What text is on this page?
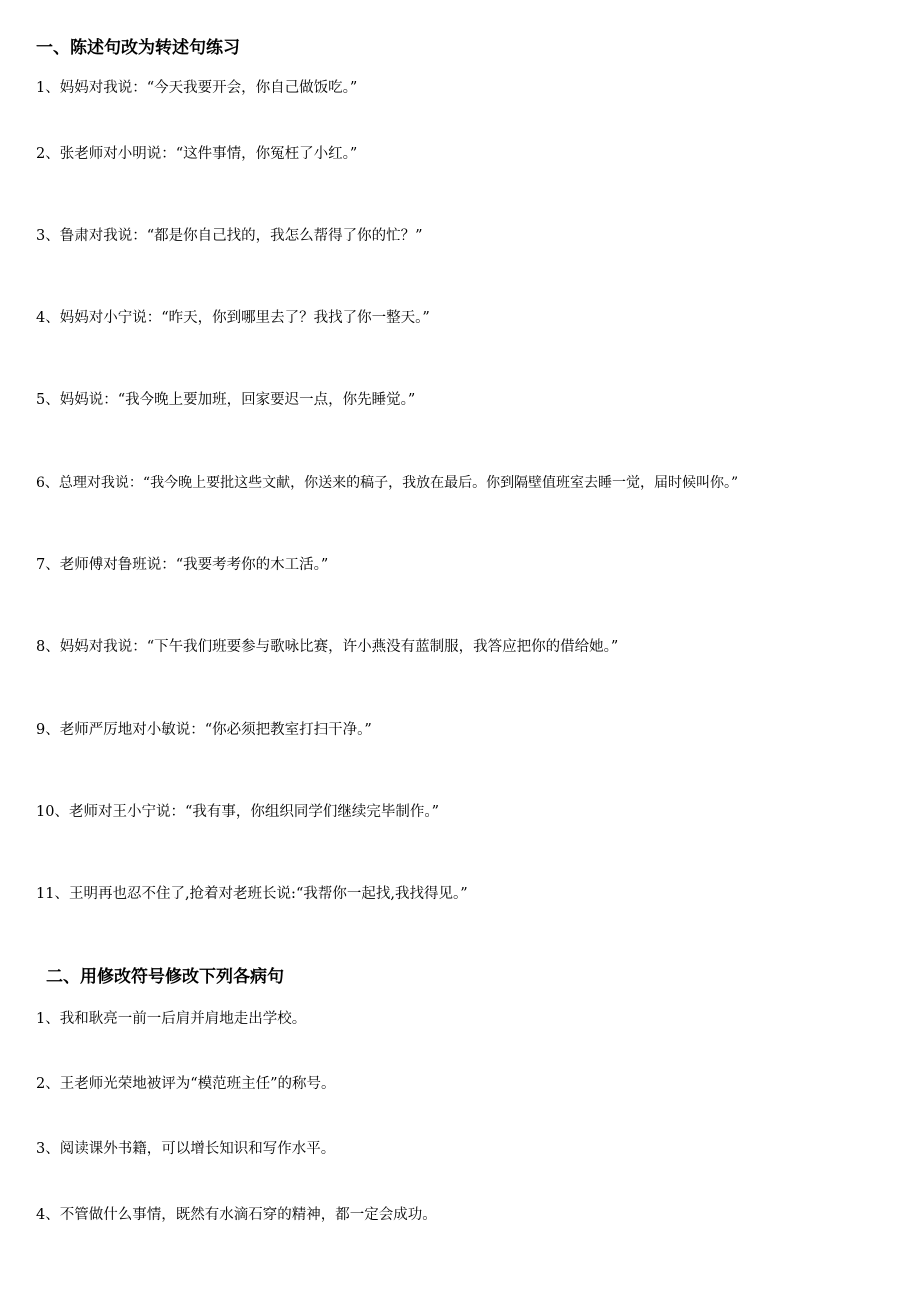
一、陈述句改为转述句练习
1、妈妈对我说：“今天我要开会，你自己做饭吃。”
2、张老师对小明说：“这件事情，你冤枉了小红。”
3、鲁肃对我说：“都是你自己找的，我怎么帮得了你的忙？”
4、妈妈对小宁说：“昨天，你到哪里去了？我找了你一整天。”
5、妈妈说：“我今晚上要加班，回家要迟一点，你先睡觉。”
6、总理对我说：“我今晚上要批这些文献，你送来的稿子，我放在最后。你到隔壁值班室去睡一觉，届时候叫你。”
7、老师傅对鲁班说：“我要考考你的木工活。”
8、妈妈对我说：“下午我们班要参与歌咏比赛，许小燕没有蓝制服，我答应把你的借给她。”
9、老师严厉地对小敏说：“你必须把教室打扫干净。”
10、老师对王小宁说：“我有事，你组织同学们继续完毕制作。”
11、王明再也忍不住了,抢着对老班长说:“我帮你一起找,我找得见。”
二、用修改符号修改下列各病句
1、我和耿亮一前一后肩并肩地走出学校。
2、王老师光荣地被评为“模范班主任”的称号。
3、阅读课外书籍，可以增长知识和写作水平。
4、不管做什么事情，既然有水滴石穿的精神，都一定会成功。
